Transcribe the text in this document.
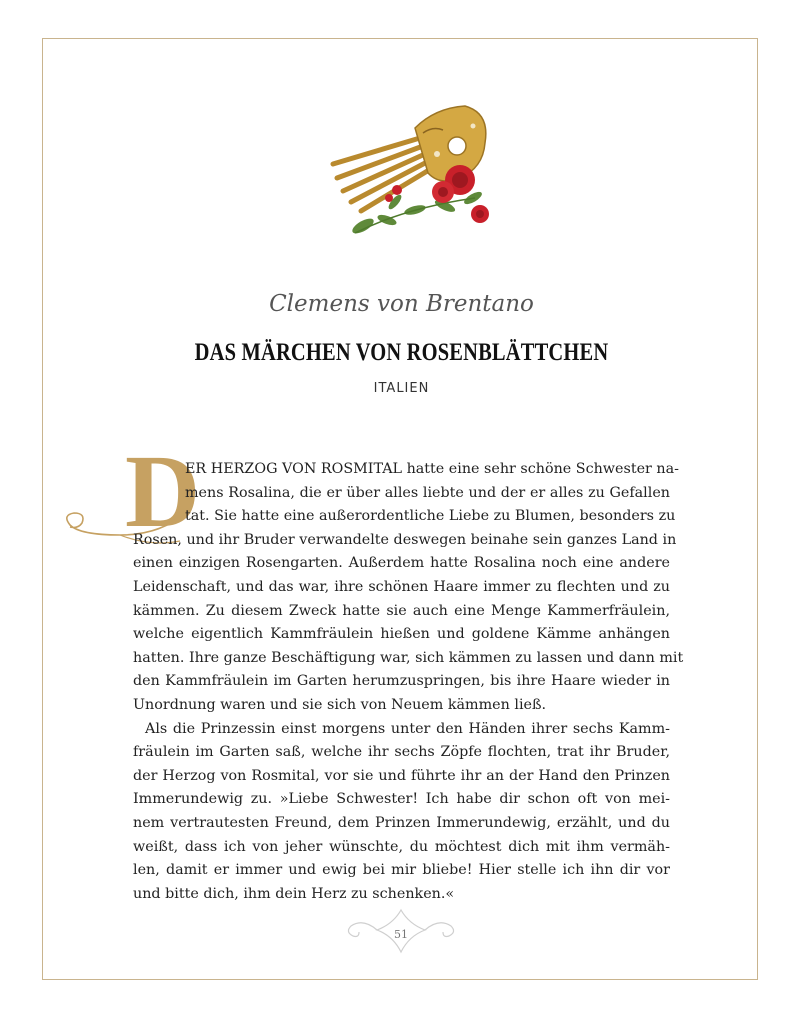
Clemens von Brentano
DAS MÄRCHEN VON ROSENBLÄTTCHEN
ITALIEN
D
ER HERZOG VON ROSMITAL hatte eine sehr schöne Schwester na-
mens Rosalina, die er über alles liebte und der er alles zu Gefallen
tat. Sie hatte eine außerordentliche Liebe zu Blumen, besonders zu
Rosen, und ihr Bruder verwandelte deswegen beinahe sein ganzes Land in
einen einzigen Rosengarten. Außerdem hatte Rosalina noch eine andere
Leidenschaft, und das war, ihre schönen Haare immer zu flechten und zu
kämmen. Zu diesem Zweck hatte sie auch eine Menge Kammerfräulein,
welche eigentlich Kammfräulein hießen und goldene Kämme anhängen
hatten. Ihre ganze Beschäftigung war, sich kämmen zu lassen und dann mit
den Kammfräulein im Garten herumzuspringen, bis ihre Haare wieder in
Unordnung waren und sie sich von Neuem kämmen ließ.
Als die Prinzessin einst morgens unter den Händen ihrer sechs Kamm-
fräulein im Garten saß, welche ihr sechs Zöpfe flochten, trat ihr Bruder,
der Herzog von Rosmital, vor sie und führte ihr an der Hand den Prinzen
Immerundewig zu. »Liebe Schwester! Ich habe dir schon oft von mei-
nem vertrautesten Freund, dem Prinzen Immerundewig, erzählt, und du
weißt, dass ich von jeher wünschte, du möchtest dich mit ihm vermäh-
len, damit er immer und ewig bei mir bliebe! Hier stelle ich ihn dir vor
und bitte dich, ihm dein Herz zu schenken.«
51
